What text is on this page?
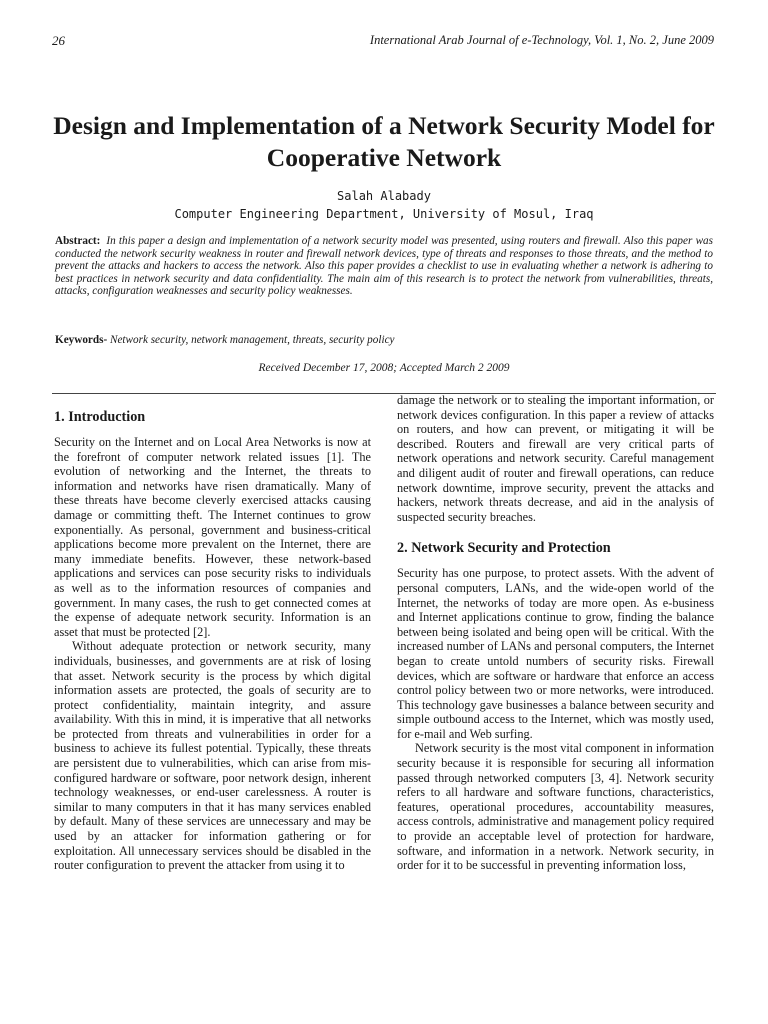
26	International Arab Journal of e-Technology, Vol. 1, No. 2, June 2009
Design and Implementation of a Network Security Model for Cooperative Network
Salah Alabady
Computer Engineering Department, University of Mosul, Iraq

Abstract: In this paper a design and implementation of a network security model was presented, using routers and firewall. Also this paper was conducted the network security weakness in router and firewall network devices, type of threats and responses to those threats, and the method to prevent the attacks and hackers to access the network. Also this paper provides a checklist to use in evaluating whether a network is adhering to best practices in network security and data confidentiality. The main aim of this research is to protect the network from vulnerabilities, threats, attacks, configuration weaknesses and security policy weaknesses.

Keywords- Network security, network management, threats, security policy

Received December 17, 2008; Accepted March 2 2009
1. Introduction

Security on the Internet and on Local Area Networks is now at the forefront of computer network related issues [1]. The evolution of networking and the Internet, the threats to information and networks have risen dramatically. Many of these threats have become cleverly exercised attacks causing damage or committing theft. The Internet continues to grow exponentially. As personal, government and business-critical applications become more prevalent on the Internet, there are many immediate benefits. However, these network-based applications and services can pose security risks to individuals as well as to the information resources of companies and government. In many cases, the rush to get connected comes at the expense of adequate network security. Information is an asset that must be protected [2].

Without adequate protection or network security, many individuals, businesses, and governments are at risk of losing that asset. Network security is the process by which digital information assets are protected, the goals of security are to protect confidentiality, maintain integrity, and assure availability. With this in mind, it is imperative that all networks be protected from threats and vulnerabilities in order for a business to achieve its fullest potential. Typically, these threats are persistent due to vulnerabilities, which can arise from mis-configured hardware or software, poor network design, inherent technology weaknesses, or end-user carelessness. A router is similar to many computers in that it has many services enabled by default. Many of these services are unnecessary and may be used by an attacker for information gathering or for exploitation. All unnecessary services should be disabled in the router configuration to prevent the attacker from using it to

damage the network or to stealing the important information, or network devices configuration. In this paper a review of attacks on routers, and how can prevent, or mitigating it will be described. Routers and firewall are very critical parts of network operations and network security. Careful management and diligent audit of router and firewall operations, can reduce network downtime, improve security, prevent the attacks and hackers, network threats decrease, and aid in the analysis of suspected security breaches.

2. Network Security and Protection

Security has one purpose, to protect assets. With the advent of personal computers, LANs, and the wide-open world of the Internet, the networks of today are more open. As e-business and Internet applications continue to grow, finding the balance between being isolated and being open will be critical. With the increased number of LANs and personal computers, the Internet began to create untold numbers of security risks. Firewall devices, which are software or hardware that enforce an access control policy between two or more networks, were introduced. This technology gave businesses a balance between security and simple outbound access to the Internet, which was mostly used, for e-mail and Web surfing.

Network security is the most vital component in information security because it is responsible for securing all information passed through networked computers [3, 4]. Network security refers to all hardware and software functions, characteristics, features, operational procedures, accountability measures, access controls, administrative and management policy required to provide an acceptable level of protection for hardware, software, and information in a network. Network security, in order for it to be successful in preventing information loss,
